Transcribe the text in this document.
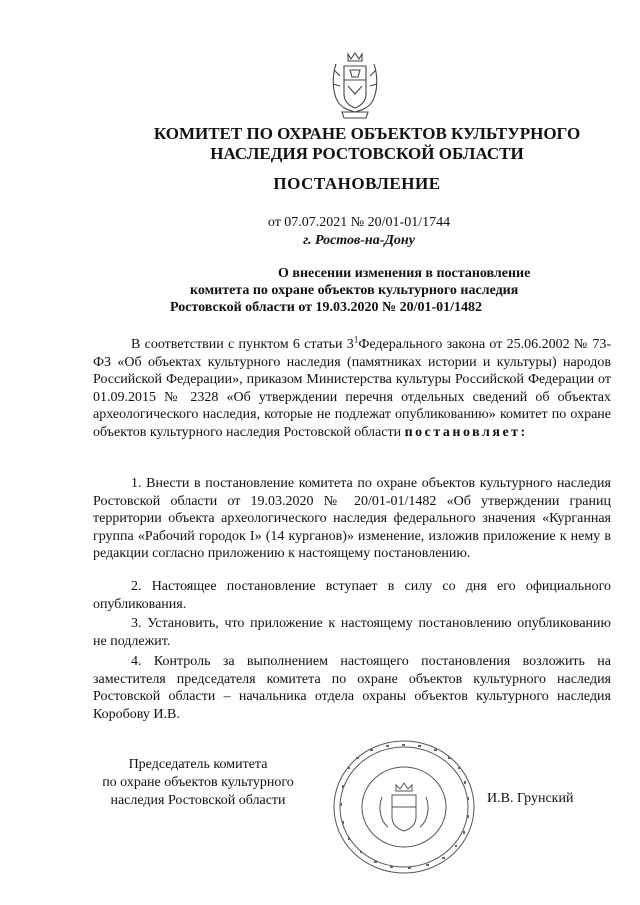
КОМИТЕТ ПО ОХРАНЕ ОБЪЕКТОВ КУЛЬТУРНОГО
НАСЛЕДИЯ РОСТОВСКОЙ ОБЛАСТИ
ПОСТАНОВЛЕНИЕ
от 07.07.2021 № 20/01-01/1744
г. Ростов-на-Дону
О внесении изменения в постановление
комитета по охране объектов культурного наследия
Ростовской области от 19.03.2020 № 20/01-01/1482

В соответствии с пунктом 6 статьи $3^1Федерального$ закона от 25.06.2002 № 73-ФЗ «Об объектах культурного наследия (памятниках истории и культуры) народов Российской Федерации», приказом Министерства культуры Российской Федерации от 01.09.2015 № 2328 «Об утверждении перечня отдельных сведений об объектах археологического наследия, которые не подлежат опубликованию» комитет по охране объектов культурного наследия Ростовской области постановляет:

1. Внести в постановление комитета по охране объектов культурного наследия Ростовской области от 19.03.2020 № 20/01-01/1482 «Об утверждении границ территории объекта археологического наследия федерального значения «Курганная группа «Рабочий городок I» (14 курганов)» изменение, изложив приложение к нему в редакции согласно приложению к настоящему постановлению.

2. Настоящее постановление вступает в силу со дня его официального опубликования.

3. Установить, что приложение к настоящему постановлению опубликованию не подлежит.

4. Контроль за выполнением настоящего постановления возложить на заместителя председателя комитета по охране объектов культурного наследия Ростовской области – начальника отдела охраны объектов культурного наследия Коробову И.В.

Председатель комитета
по охране объектов культурного
наследия Ростовской области	И.В. Грунский
